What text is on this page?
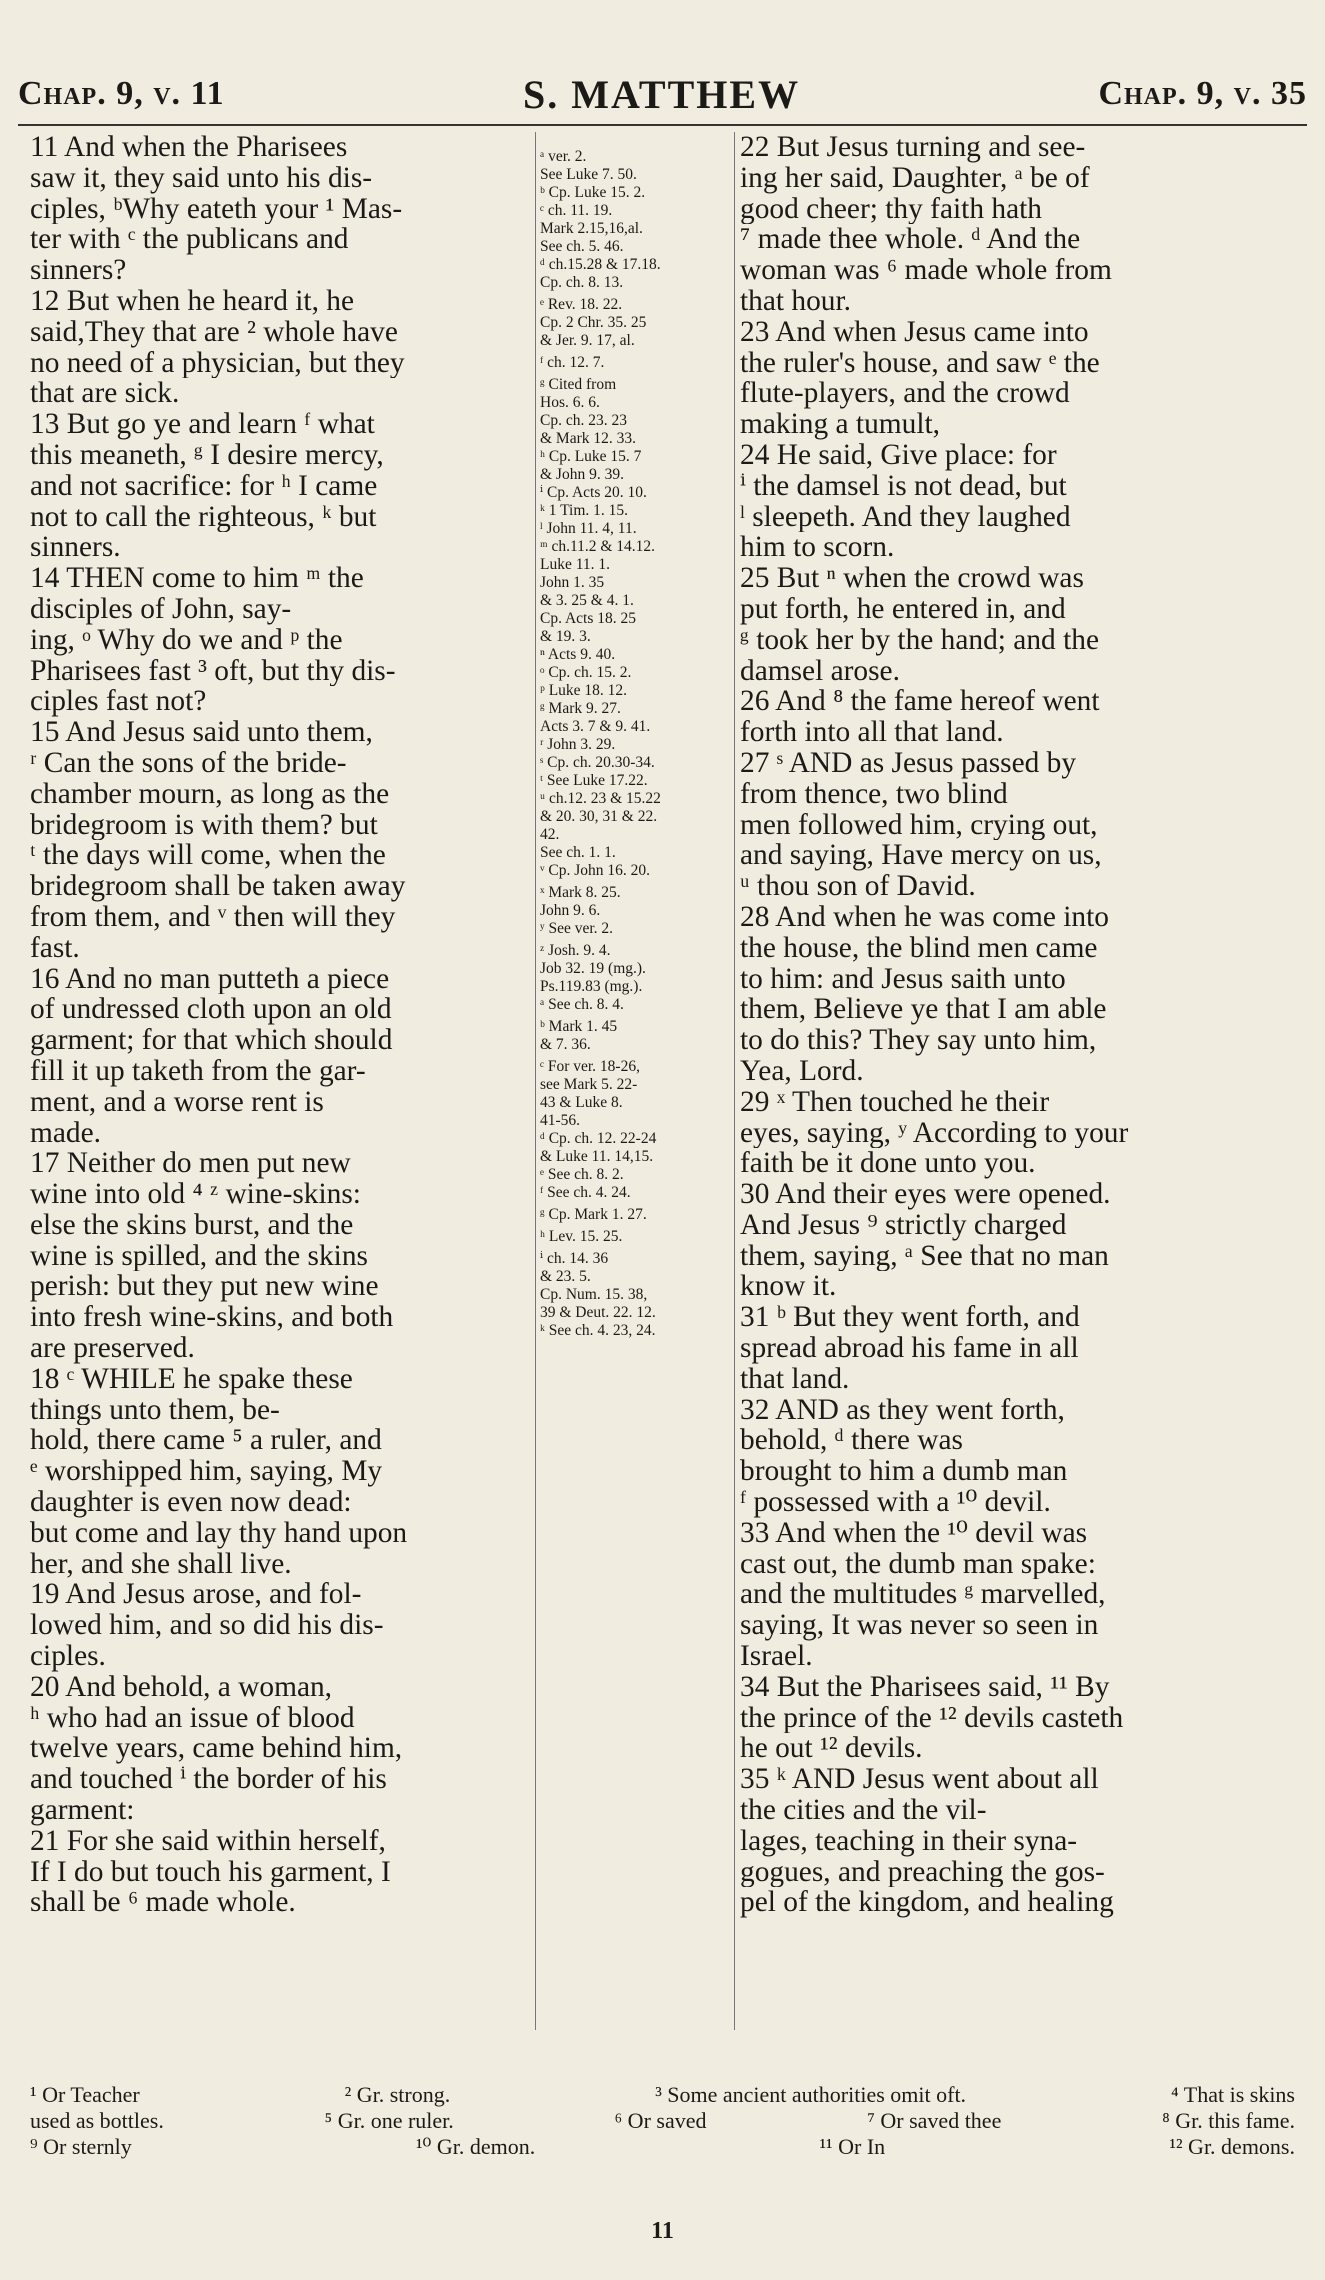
Chap. 9, v. 11	S. MATTHEW	Chap. 9, v. 35
11 And when the Pharisees
saw it, they said unto his dis-
ciples, ᵇWhy eateth your ¹ Mas-
ter with ᶜ the publicans and
sinners?
12 But when he heard it, he
said,They that are ² whole have
no need of a physician, but they
that are sick.
13 But go ye and learn ᶠ what
this meaneth, ᵍ I desire mercy,
and not sacrifice: for ʰ I came
not to call the righteous, ᵏ but
sinners.
14 THEN come to him ᵐ the
disciples of John, say-
ing, ᵒ Why do we and ᵖ the
Pharisees fast ³ oft, but thy dis-
ciples fast not?
15 And Jesus said unto them,
ʳ Can the sons of the bride-
chamber mourn, as long as the
bridegroom is with them? but
ᵗ the days will come, when the
bridegroom shall be taken away
from them, and ᵛ then will they
fast.
16 And no man putteth a piece
of undressed cloth upon an old
garment; for that which should
fill it up taketh from the gar-
ment, and a worse rent is
made.
17 Neither do men put new
wine into old ⁴ ᶻ wine-skins:
else the skins burst, and the
wine is spilled, and the skins
perish: but they put new wine
into fresh wine-skins, and both
are preserved.
18 ᶜ WHILE he spake these
things unto them, be-
hold, there came ⁵ a ruler, and
ᵉ worshipped him, saying, My
daughter is even now dead:
but come and lay thy hand upon
her, and she shall live.
19 And Jesus arose, and fol-
lowed him, and so did his dis-
ciples.
20 And behold, a woman,
ʰ who had an issue of blood
twelve years, came behind him,
and touched ⁱ the border of his
garment:
21 For she said within herself,
If I do but touch his garment, I
shall be ⁶ made whole.
ᵃ ver. 2.
See Luke 7. 50.
ᵇ Cp. Luke 15. 2.
ᶜ ch. 11. 19.
Mark 2.15,16,al.
See ch. 5. 46.
ᵈ ch.15.28 & 17.18.
Cp. ch. 8. 13.
ᵉ Rev. 18. 22.
Cp. 2 Chr. 35. 25
& Jer. 9. 17, al.
ᶠ ch. 12. 7.
ᵍ Cited from
Hos. 6. 6.
Cp. ch. 23. 23
& Mark 12. 33.
ʰ Cp. Luke 15. 7
& John 9. 39.
ⁱ Cp. Acts 20. 10.
ᵏ 1 Tim. 1. 15.
ˡ John 11. 4, 11.
ᵐ ch.11.2 & 14.12.
Luke 11. 1.
John 1. 35
& 3. 25 & 4. 1.
Cp. Acts 18. 25
& 19. 3.
ⁿ Acts 9. 40.
ᵒ Cp. ch. 15. 2.
ᵖ Luke 18. 12.
ᵍ Mark 9. 27.
Acts 3. 7 & 9. 41.
ʳ John 3. 29.
ˢ Cp. ch. 20.30-34.
ᵗ See Luke 17.22.
ᵘ ch.12. 23 & 15.22
& 20. 30, 31 & 22.
42.
See ch. 1. 1.
ᵛ Cp. John 16. 20.
ˣ Mark 8. 25.
John 9. 6.
ʸ See ver. 2.
ᶻ Josh. 9. 4.
Job 32. 19 (mg.).
Ps.119.83 (mg.).
ᵃ See ch. 8. 4.
ᵇ Mark 1. 45
& 7. 36.
ᶜ For ver. 18-26,
see Mark 5. 22-
43 & Luke 8.
41-56.
ᵈ Cp. ch. 12. 22-24
& Luke 11. 14,15.
ᵉ See ch. 8. 2.
ᶠ See ch. 4. 24.
ᵍ Cp. Mark 1. 27.
ʰ Lev. 15. 25.
ⁱ ch. 14. 36
& 23. 5.
Cp. Num. 15. 38,
39 & Deut. 22. 12.
ᵏ See ch. 4. 23, 24.
22 But Jesus turning and see-
ing her said, Daughter, ᵃ be of
good cheer; thy faith hath
⁷ made thee whole. ᵈ And the
woman was ⁶ made whole from
that hour.
23 And when Jesus came into
the ruler's house, and saw ᵉ the
flute-players, and the crowd
making a tumult,
24 He said, Give place: for
ⁱ the damsel is not dead, but
ˡ sleepeth. And they laughed
him to scorn.
25 But ⁿ when the crowd was
put forth, he entered in, and
ᵍ took her by the hand; and the
damsel arose.
26 And ⁸ the fame hereof went
forth into all that land.
27 ˢ AND as Jesus passed by
from thence, two blind
men followed him, crying out,
and saying, Have mercy on us,
ᵘ thou son of David.
28 And when he was come into
the house, the blind men came
to him: and Jesus saith unto
them, Believe ye that I am able
to do this? They say unto him,
Yea, Lord.
29 ˣ Then touched he their
eyes, saying, ʸ According to your
faith be it done unto you.
30 And their eyes were opened.
And Jesus ⁹ strictly charged
them, saying, ᵃ See that no man
know it.
31 ᵇ But they went forth, and
spread abroad his fame in all
that land.
32 AND as they went forth,
behold, ᵈ there was
brought to him a dumb man
ᶠ possessed with a ¹⁰ devil.
33 And when the ¹⁰ devil was
cast out, the dumb man spake:
and the multitudes ᵍ marvelled,
saying, It was never so seen in
Israel.
34 But the Pharisees said, ¹¹ By
the prince of the ¹² devils casteth
he out ¹² devils.
35 ᵏ AND Jesus went about all
the cities and the vil-
lages, teaching in their syna-
gogues, and preaching the gos-
pel of the kingdom, and healing
¹ Or Teacher	² Gr. strong.	³ Some ancient authorities omit oft.	⁴ That is skins
used as bottles.	⁵ Gr. one ruler.	⁶ Or saved	⁷ Or saved thee	⁸ Gr. this fame.
⁹ Or sternly	¹⁰ Gr. demon.	¹¹ Or In	¹² Gr. demons.
11
